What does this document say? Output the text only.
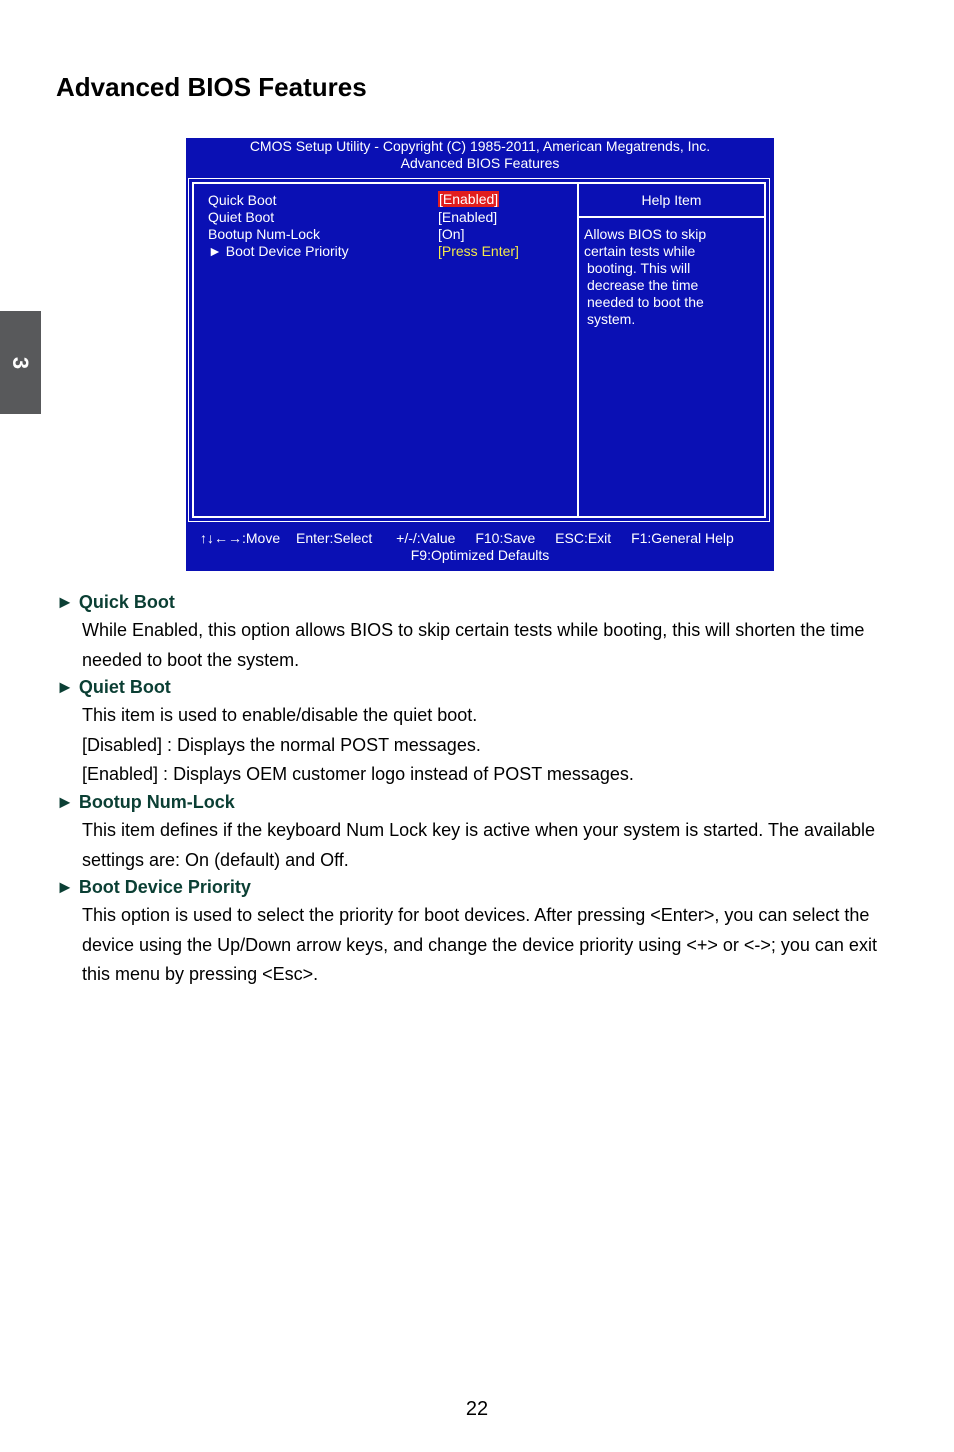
3
Advanced BIOS Features
CMOS Setup Utility - Copyright (C) 1985-2011, American Megatrends, Inc.
Advanced BIOS Features
Quick Boot	[Enabled]
Quiet Boot	[Enabled]
Bootup Num-Lock	[On]
► Boot Device Priority	[Press Enter]
Help Item
Allows BIOS to skip
certain tests while
booting. This will
decrease the time
needed to boot the
system.
↑↓←→:Move Enter:Select +/-/:Value F10:Save ESC:Exit F1:General Help
F9:Optimized Defaults
► Quick Boot

While Enabled, this option allows BIOS to skip certain tests while booting, this will shorten the time needed to boot the system.

► Quiet Boot

This item is used to enable/disable the quiet boot.

[Disabled] : Displays the normal POST messages.

[Enabled] : Displays OEM customer logo instead of POST messages.

► Bootup Num-Lock

This item defines if the keyboard Num Lock key is active when your system is started. The available settings are: On (default) and Off.

► Boot Device Priority

This option is used to select the priority for boot devices. After pressing <Enter>, you can select the device using the Up/Down arrow keys, and change the device priority using <+> or <->; you can exit this menu by pressing <Esc>.

22
